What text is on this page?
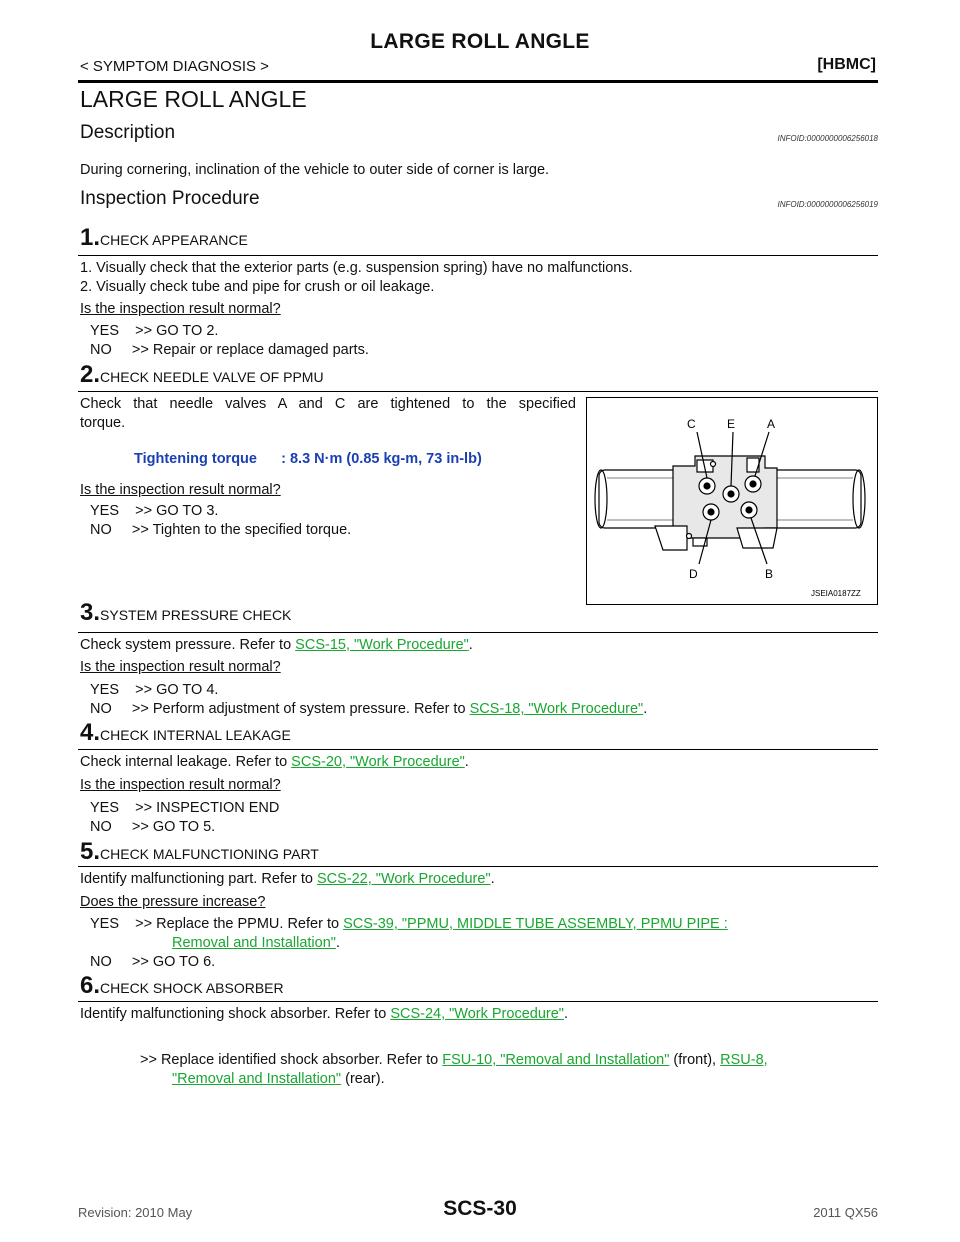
LARGE ROLL ANGLE
< SYMPTOM DIAGNOSIS >	[HBMC]
LARGE ROLL ANGLE
Description	INFOID:0000000006256018
During cornering, inclination of the vehicle to outer side of corner is large.
Inspection Procedure	INFOID:0000000006256019
1.CHECK APPEARANCE
1. Visually check that the exterior parts (e.g. suspension spring) have no malfunctions.
2. Visually check tube and pipe for crush or oil leakage.
Is the inspection result normal?
YES    >> GO TO 2.
NO     >> Repair or replace damaged parts.
2.CHECK NEEDLE VALVE OF PPMU
Check that needle valves A and C are tightened to the specified
torque.
Tightening torque      : 8.3 N·m (0.85 kg-m, 73 in-lb)
Is the inspection result normal?
YES    >> GO TO 3.
NO     >> Tighten to the specified torque.
C	E	A
D	B
JSEIA0187ZZ
3.SYSTEM PRESSURE CHECK
Check system pressure. Refer to SCS-15, "Work Procedure".
Is the inspection result normal?
YES    >> GO TO 4.
NO     >> Perform adjustment of system pressure. Refer to SCS-18, "Work Procedure".
4.CHECK INTERNAL LEAKAGE
Check internal leakage. Refer to SCS-20, "Work Procedure".
Is the inspection result normal?
YES    >> INSPECTION END
NO     >> GO TO 5.
5.CHECK MALFUNCTIONING PART
Identify malfunctioning part. Refer to SCS-22, "Work Procedure".
Does the pressure increase?
YES    >> Replace the PPMU. Refer to SCS-39, "PPMU, MIDDLE TUBE ASSEMBLY, PPMU PIPE :
Removal and Installation".
NO     >> GO TO 6.
6.CHECK SHOCK ABSORBER
Identify malfunctioning shock absorber. Refer to SCS-24, "Work Procedure".
>> Replace identified shock absorber. Refer to FSU-10, "Removal and Installation" (front), RSU-8,
"Removal and Installation" (rear).
Revision: 2010 May	SCS-30	2011 QX56
